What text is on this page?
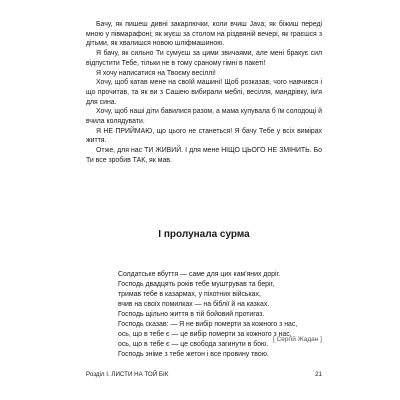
Бачу, як пишеш дивні закарлючки, коли вчиш Java; як біжиш переді мною у півмарафоні; як жуєш за столом на різдвяній вечері, як граєшся з дітьми, як хвалишся новою шліфмашиною.

Я бачу, як сильно Ти сумуєш за цими звичаями, але мені бракує сил відпустити Тебе, тільки не в тому сраному гімні в пакеті!

Я хочу написатися на Твоєму весіллі!

Хочу, щоб катав мене на своїй машині! Щоб розказав, чого навчився і що прочитав, та як ви з Сашею вибирали меблі, весілля, мандрівку, ім'я для сина.

Хочу, щоб наші діти бавилися разом, а мама купувала б їм солодощі й вчила колядувати.

Я НЕ ПРИЙМАЮ, що цього не станеться! Я бачу Тебе у всіх вимірах життя.

Отже, для нас ТИ ЖИВИЙ. І для мене НІЩО ЦЬОГО НЕ ЗМІНИТЬ. Бо Ти все зробив ТАК, як мав.

І пролунала сурма
Солдатське вбуття — саме для цих кам'яних доріг.
Господь двадцять років тебе муштрував та беріг,
тримав тебе в казармах, у піхотних військах,
вчив на своїх помилках — на біблії й на казках.
Господь щільно життя в тій бойовий протигаз.
Господь сказав: — Я не вибір померти за кожного з нас,
ось, що в тебе є — це вибір померти за кожного з нас,
ось, що в тебе є — це свобода загинути в бою.
Господь зніме з тебе жетон і все провину твою.
[ Сергій Жадан ]
Розділ І. ЛИСТИ НА ТОЙ БІК	21
